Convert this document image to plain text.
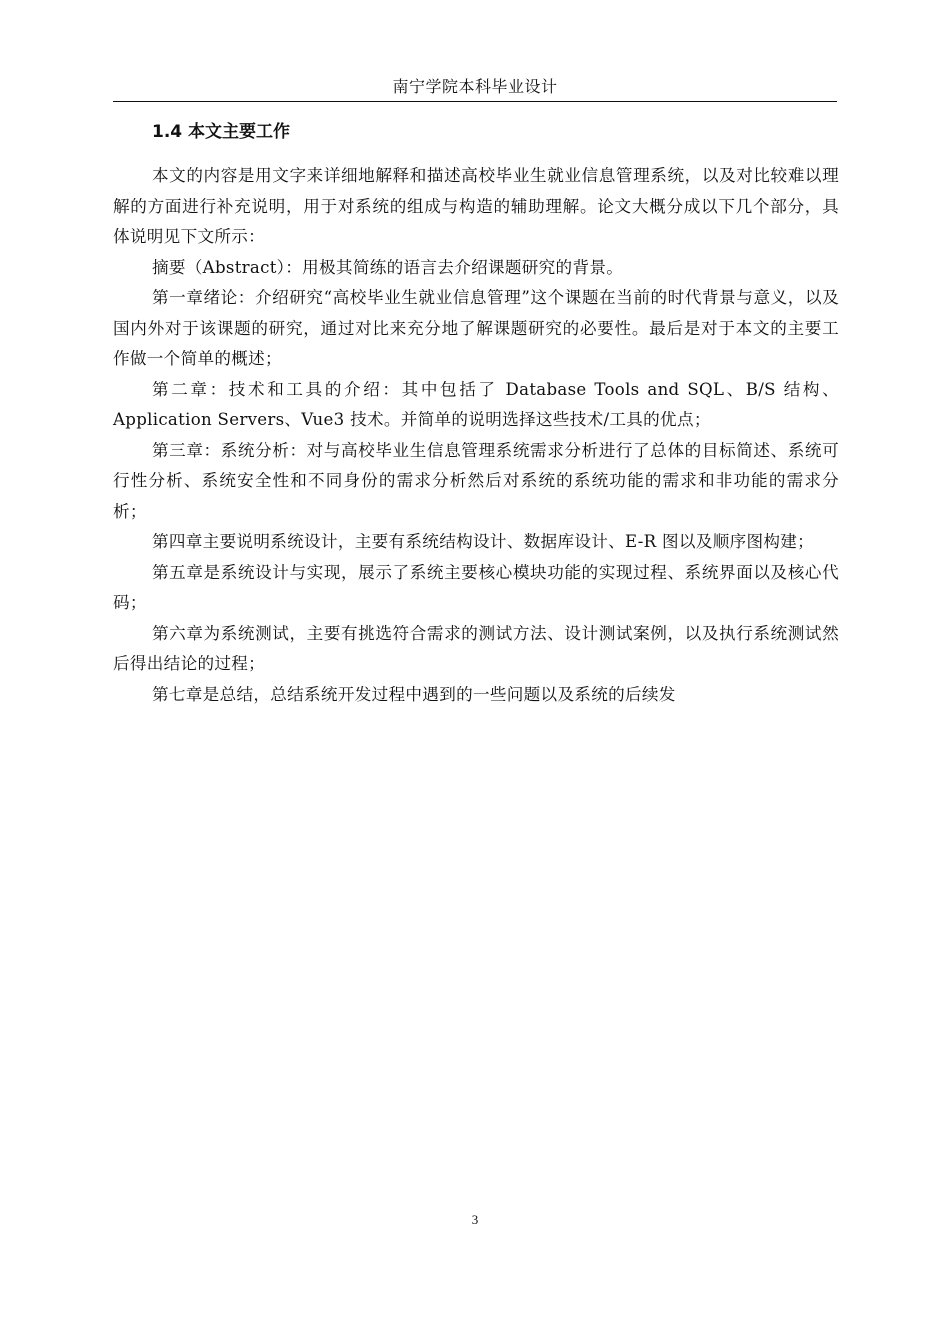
南宁学院本科毕业设计
1.4 本文主要工作

本文的内容是用文字来详细地解释和描述高校毕业生就业信息管理系统，以及对比较难以理解的方面进行补充说明，用于对系统的组成与构造的辅助理解。论文大概分成以下几个部分，具体说明见下文所示：

摘要（Abstract）：用极其简练的语言去介绍课题研究的背景。

第一章绪论：介绍研究“高校毕业生就业信息管理”这个课题在当前的时代背景与意义，以及国内外对于该课题的研究，通过对比来充分地了解课题研究的必要性。最后是对于本文的主要工作做一个简单的概述；

第二章：技术和工具的介绍：其中包括了 Database Tools and SQL、B/S 结构、Application Servers、Vue3 技术。并简单的说明选择这些技术/工具的优点；

第三章：系统分析：对与高校毕业生信息管理系统需求分析进行了总体的目标简述、系统可行性分析、系统安全性和不同身份的需求分析然后对系统的系统功能的需求和非功能的需求分析；

第四章主要说明系统设计，主要有系统结构设计、数据库设计、E-R 图以及顺序图构建；

第五章是系统设计与实现，展示了系统主要核心模块功能的实现过程、系统界面以及核心代码；

第六章为系统测试，主要有挑选符合需求的测试方法、设计测试案例，以及执行系统测试然后得出结论的过程；

第七章是总结，总结系统开发过程中遇到的一些问题以及系统的后续发

3
